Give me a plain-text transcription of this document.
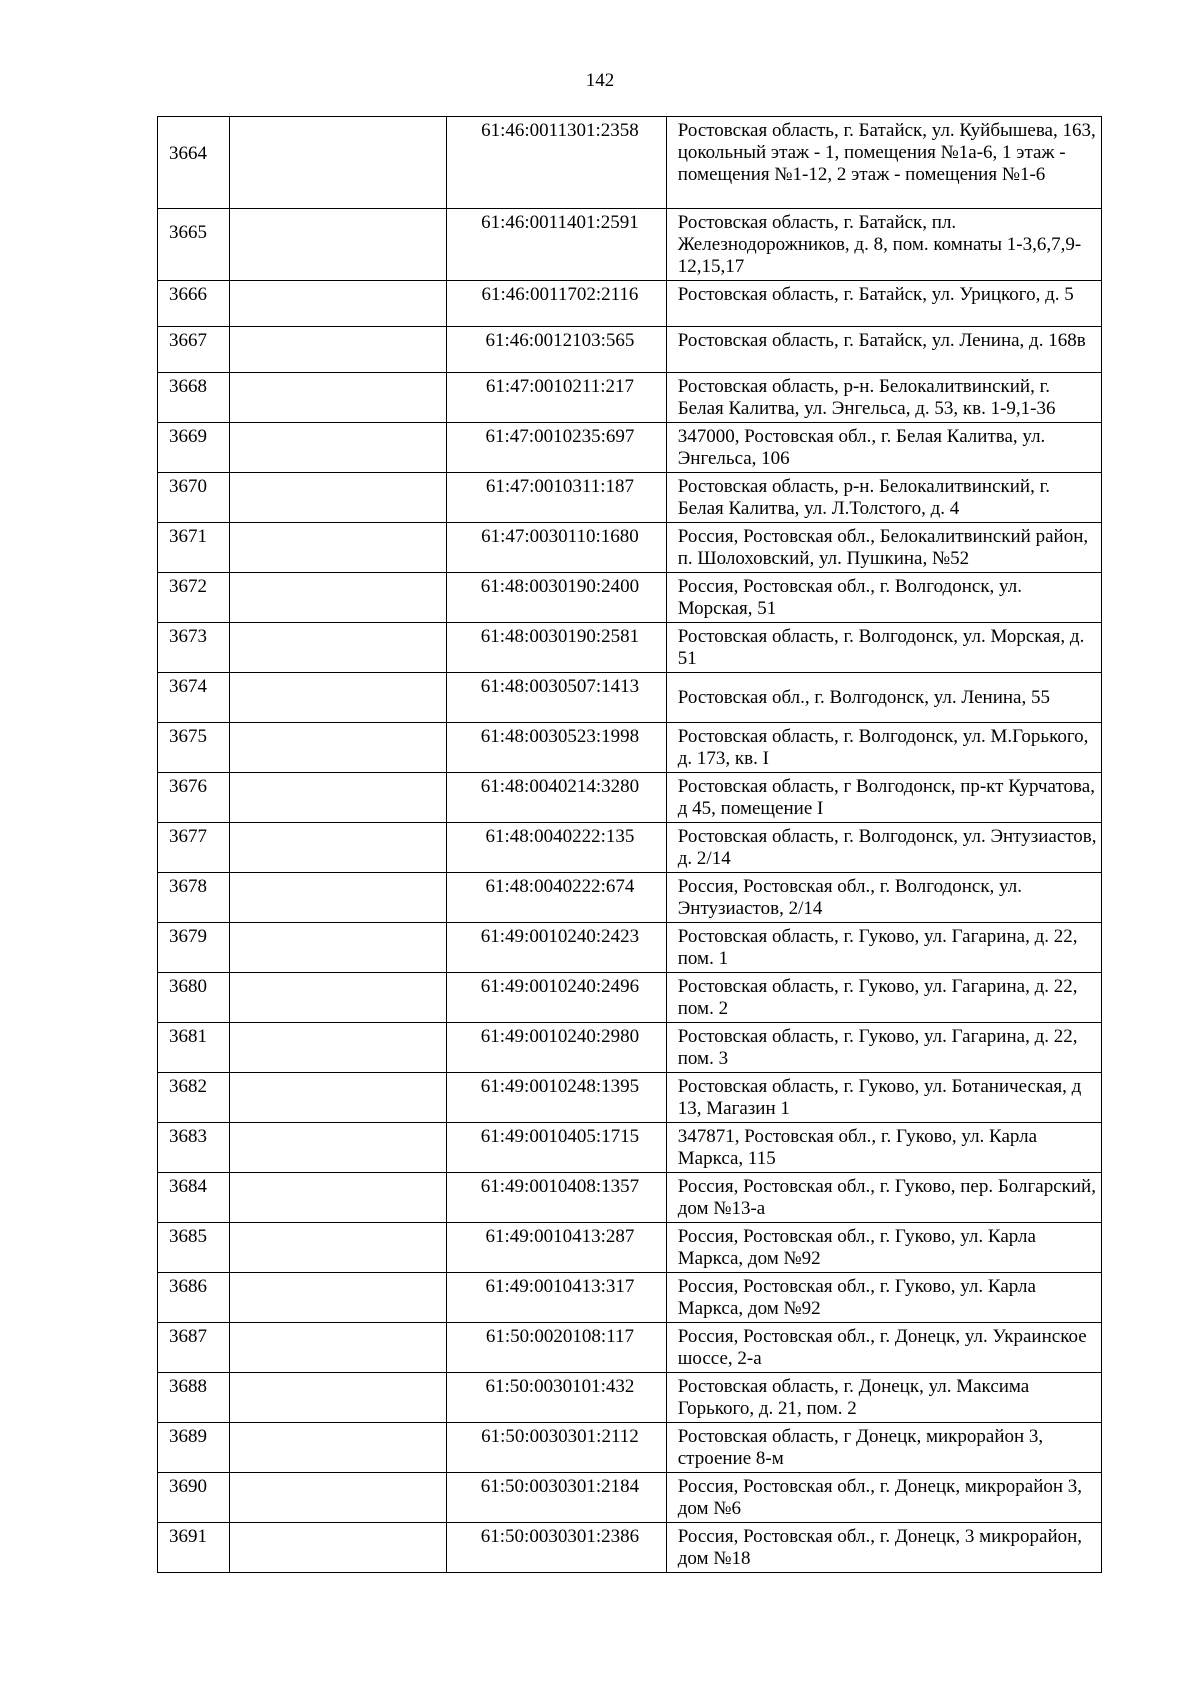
142
3664		61:46:0011301:2358	Ростовская область, г. Батайск, ул. Куйбышева, 163, цокольный этаж - 1, помещения №1а-6, 1 этаж - помещения №1-12, 2 этаж - помещения №1-6
3665		61:46:0011401:2591	Ростовская область, г. Батайск, пл. Железнодорожников, д. 8, пом. комнаты 1-3,6,7,9-12,15,17
3666		61:46:0011702:2116	Ростовская область, г. Батайск, ул. Урицкого, д. 5
3667		61:46:0012103:565	Ростовская область, г. Батайск, ул. Ленина, д. 168в
3668		61:47:0010211:217	Ростовская область, р-н. Белокалитвинский, г. Белая Калитва, ул. Энгельса, д. 53, кв. 1-9,1-36
3669		61:47:0010235:697	347000, Ростовская обл., г. Белая Калитва, ул. Энгельса, 106
3670		61:47:0010311:187	Ростовская область, р-н. Белокалитвинский, г. Белая Калитва, ул. Л.Толстого, д. 4
3671		61:47:0030110:1680	Россия, Ростовская обл., Белокалитвинский район, п. Шолоховский, ул. Пушкина, №52
3672		61:48:0030190:2400	Россия, Ростовская обл., г. Волгодонск, ул. Морская, 51
3673		61:48:0030190:2581	Ростовская область, г. Волгодонск, ул. Морская, д. 51
3674		61:48:0030507:1413	Ростовская обл., г. Волгодонск, ул. Ленина, 55
3675		61:48:0030523:1998	Ростовская область, г. Волгодонск, ул. М.Горького, д. 173, кв. I
3676		61:48:0040214:3280	Ростовская область, г Волгодонск, пр-кт Курчатова, д 45, помещение I
3677		61:48:0040222:135	Ростовская область, г. Волгодонск, ул. Энтузиастов, д. 2/14
3678		61:48:0040222:674	Россия, Ростовская обл., г. Волгодонск, ул. Энтузиастов, 2/14
3679		61:49:0010240:2423	Ростовская область, г. Гуково, ул. Гагарина, д. 22, пом. 1
3680		61:49:0010240:2496	Ростовская область, г. Гуково, ул. Гагарина, д. 22, пом. 2
3681		61:49:0010240:2980	Ростовская область, г. Гуково, ул. Гагарина, д. 22, пом. 3
3682		61:49:0010248:1395	Ростовская область, г. Гуково, ул. Ботаническая, д 13, Магазин 1
3683		61:49:0010405:1715	347871, Ростовская обл., г. Гуково, ул. Карла Маркса, 115
3684		61:49:0010408:1357	Россия, Ростовская обл., г. Гуково, пер. Болгарский, дом №13-а
3685		61:49:0010413:287	Россия, Ростовская обл., г. Гуково, ул. Карла Маркса, дом №92
3686		61:49:0010413:317	Россия, Ростовская обл., г. Гуково, ул. Карла Маркса, дом №92
3687		61:50:0020108:117	Россия, Ростовская обл., г. Донецк, ул. Украинское шоссе, 2-а
3688		61:50:0030101:432	Ростовская область, г. Донецк, ул. Максима Горького, д. 21, пом. 2
3689		61:50:0030301:2112	Ростовская область, г Донецк, микрорайон 3, строение 8-м
3690		61:50:0030301:2184	Россия, Ростовская обл., г. Донецк, микрорайон 3, дом №6
3691		61:50:0030301:2386	Россия, Ростовская обл., г. Донецк, 3 микрорайон, дом №18
